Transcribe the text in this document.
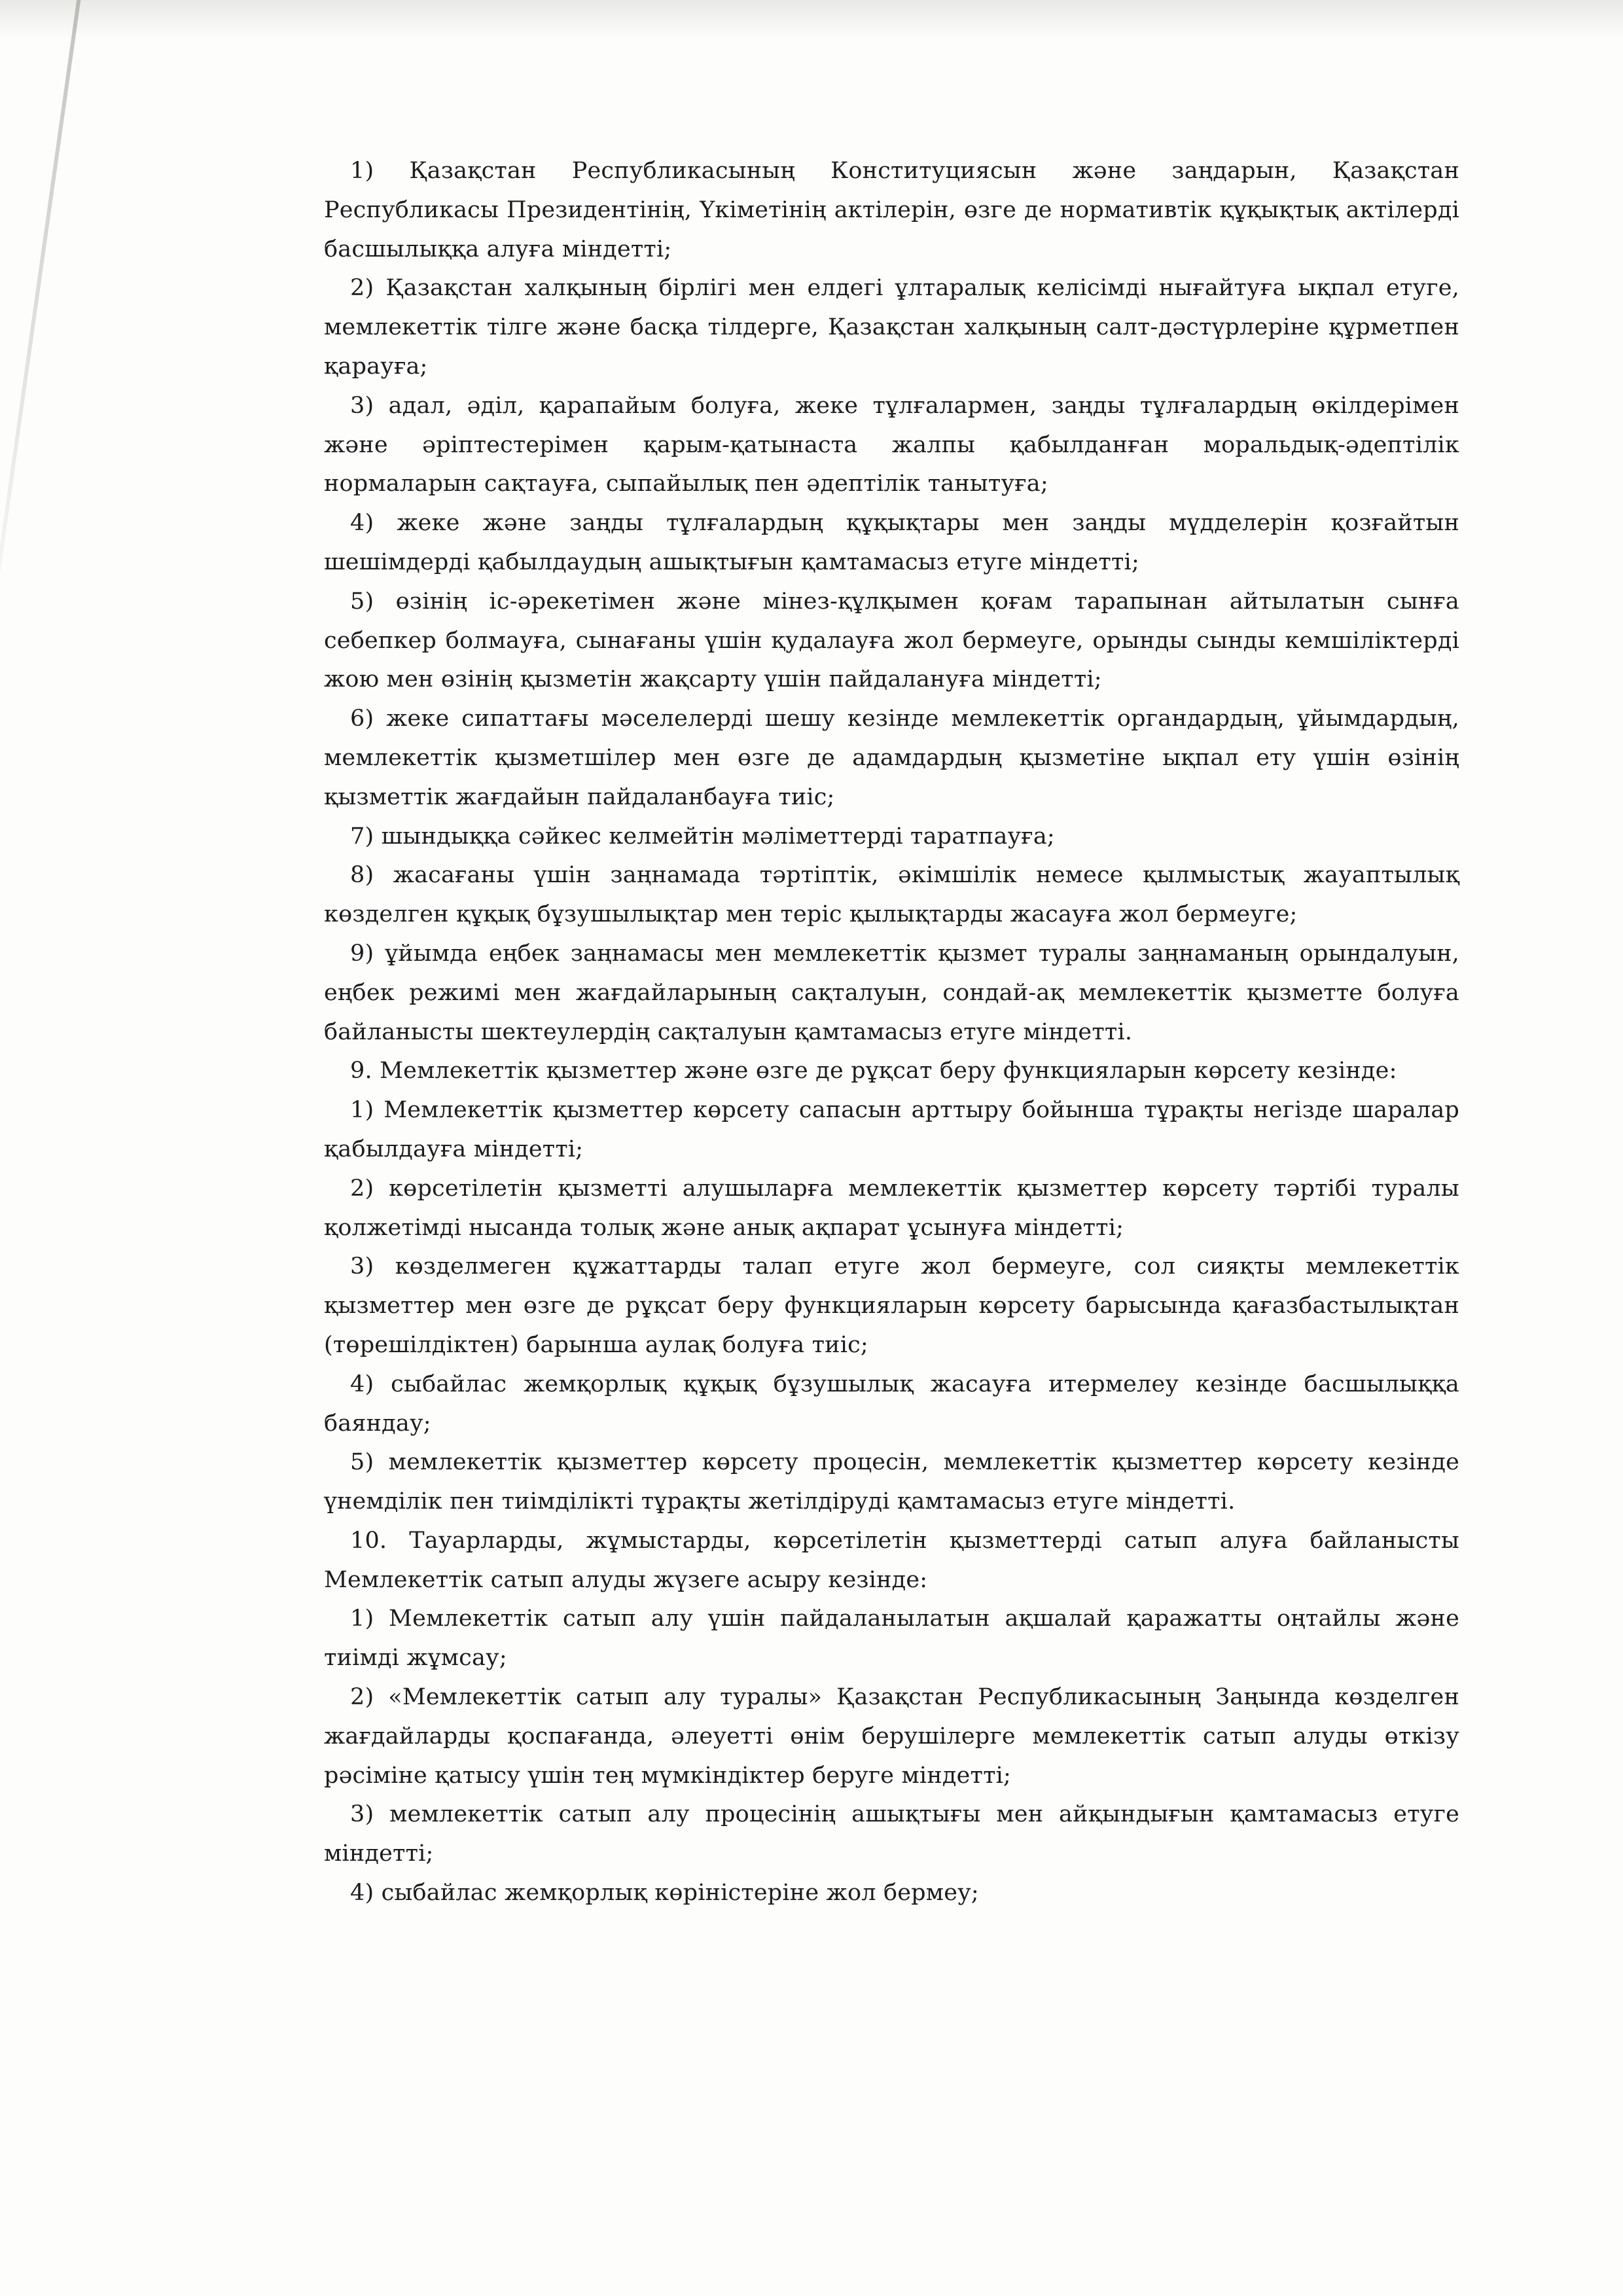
1) Қазақстан Республикасының Конституциясын және заңдарын, Қазақстан Республикасы Президентінің, Үкіметінің актілерін, өзге де нормативтік құқықтық актілерді басшылыққа алуға міндетті;

2) Қазақстан халқының бірлігі мен елдегі ұлтаралық келісімді нығайтуға ықпал етуге, мемлекеттік тілге және басқа тілдерге, Қазақстан халқының салт-дәстүрлеріне құрметпен қарауға;

3) адал, әділ, қарапайым болуға, жеке тұлғалармен, заңды тұлғалардың өкілдерімен және әріптестерімен қарым-қатынаста жалпы қабылданған моральдық-әдептілік нормаларын сақтауға, сыпайылық пен әдептілік танытуға;

4) жеке және заңды тұлғалардың құқықтары мен заңды мүдделерін қозғайтын шешімдерді қабылдаудың ашықтығын қамтамасыз етуге міндетті;

5) өзінің іс-әрекетімен және мінез-құлқымен қоғам тарапынан айтылатын сынға себепкер болмауға, сынағаны үшін қудалауға жол бермеуге, орынды сынды кемшіліктерді жою мен өзінің қызметін жақсарту үшін пайдалануға міндетті;

6) жеке сипаттағы мәселелерді шешу кезінде мемлекеттік органдардың, ұйымдардың, мемлекеттік қызметшілер мен өзге де адамдардың қызметіне ықпал ету үшін өзінің қызметтік жағдайын пайдаланбауға тиіс;

7) шындыққа сәйкес келмейтін мәліметтерді таратпауға;

8) жасағаны үшін заңнамада тәртіптік, әкімшілік немесе қылмыстық жауаптылық көзделген құқық бұзушылықтар мен теріс қылықтарды жасауға жол бермеуге;

9) ұйымда еңбек заңнамасы мен мемлекеттік қызмет туралы заңнаманың орындалуын, еңбек режимі мен жағдайларының сақталуын, сондай-ақ мемлекеттік қызметте болуға байланысты шектеулердің сақталуын қамтамасыз етуге міндетті.

9. Мемлекеттік қызметтер және өзге де рұқсат беру функцияларын көрсету кезінде:

1) Мемлекеттік қызметтер көрсету сапасын арттыру бойынша тұрақты негізде шаралар қабылдауға міндетті;

2) көрсетілетін қызметті алушыларға мемлекеттік қызметтер көрсету тәртібі туралы қолжетімді нысанда толық және анық ақпарат ұсынуға міндетті;

3) көзделмеген құжаттарды талап етуге жол бермеуге, сол сияқты мемлекеттік қызметтер мен өзге де рұқсат беру функцияларын көрсету барысында қағазбастылықтан (төрешілдіктен) барынша аулақ болуға тиіс;

4) сыбайлас жемқорлық құқық бұзушылық жасауға итермелеу кезінде басшылыққа баяндау;

5) мемлекеттік қызметтер көрсету процесін, мемлекеттік қызметтер көрсету кезінде үнемділік пен тиімділікті тұрақты жетілдіруді қамтамасыз етуге міндетті.

10. Тауарларды, жұмыстарды, көрсетілетін қызметтерді сатып алуға байланысты Мемлекеттік сатып алуды жүзеге асыру кезінде:

1) Мемлекеттік сатып алу үшін пайдаланылатын ақшалай қаражатты оңтайлы және тиімді жұмсау;

2) «Мемлекеттік сатып алу туралы» Қазақстан Республикасының Заңында көзделген жағдайларды қоспағанда, әлеуетті өнім берушілерге мемлекеттік сатып алуды өткізу рәсіміне қатысу үшін тең мүмкіндіктер беруге міндетті;

3) мемлекеттік сатып алу процесінің ашықтығы мен айқындығын қамтамасыз етуге міндетті;

4) сыбайлас жемқорлық көріністеріне жол бермеу;
